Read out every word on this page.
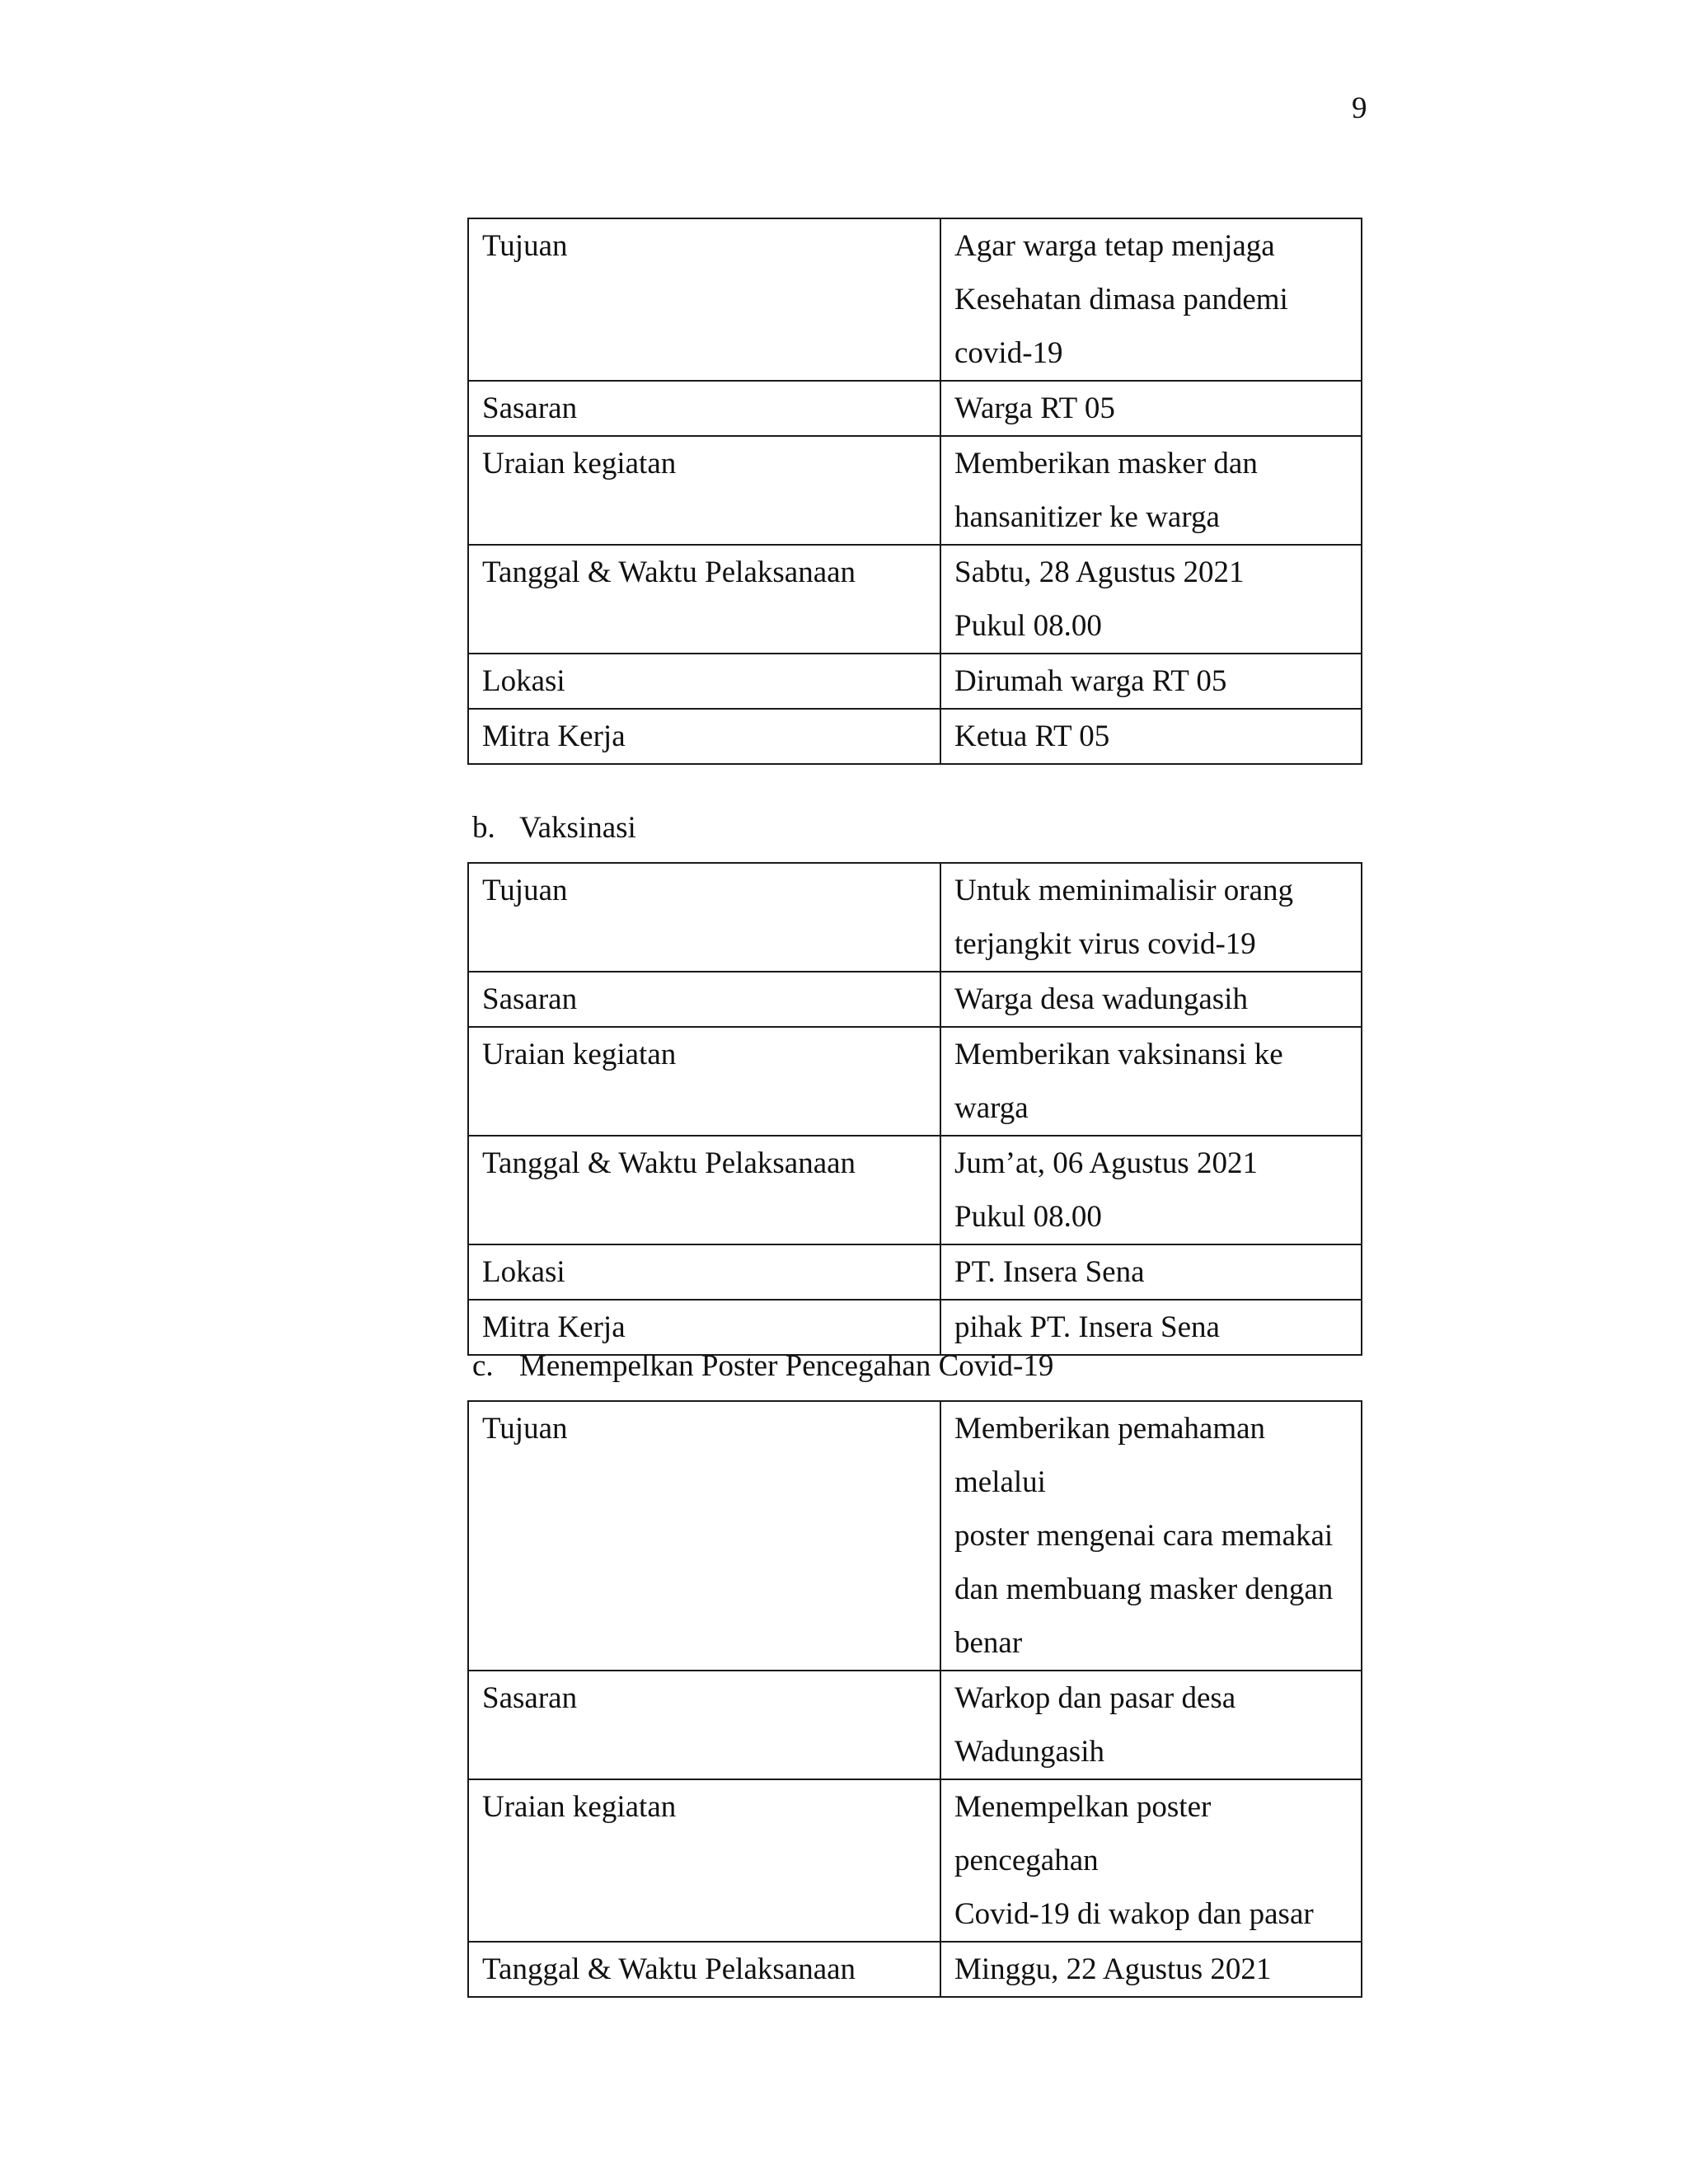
9
Tujuan	Agar warga tetap menjaga
Kesehatan dimasa pandemi
covid-19
Sasaran	Warga RT 05
Uraian kegiatan	Memberikan masker dan
hansanitizer ke warga
Tanggal & Waktu Pelaksanaan	Sabtu, 28 Agustus 2021
Pukul 08.00
Lokasi	Dirumah warga RT 05
Mitra Kerja	Ketua RT 05
b. Vaksinasi
Tujuan	Untuk meminimalisir orang
terjangkit virus covid-19
Sasaran	Warga desa wadungasih
Uraian kegiatan	Memberikan vaksinansi ke warga
Tanggal & Waktu Pelaksanaan	Jum’at, 06 Agustus 2021
Pukul 08.00
Lokasi	PT. Insera Sena
Mitra Kerja	pihak PT. Insera Sena
c. Menempelkan Poster Pencegahan Covid-19
Tujuan	Memberikan pemahaman melalui
poster mengenai cara memakai
dan membuang masker dengan
benar
Sasaran	Warkop dan pasar desa
Wadungasih
Uraian kegiatan	Menempelkan poster pencegahan
Covid-19 di wakop dan pasar
Tanggal & Waktu Pelaksanaan	Minggu, 22 Agustus 2021
